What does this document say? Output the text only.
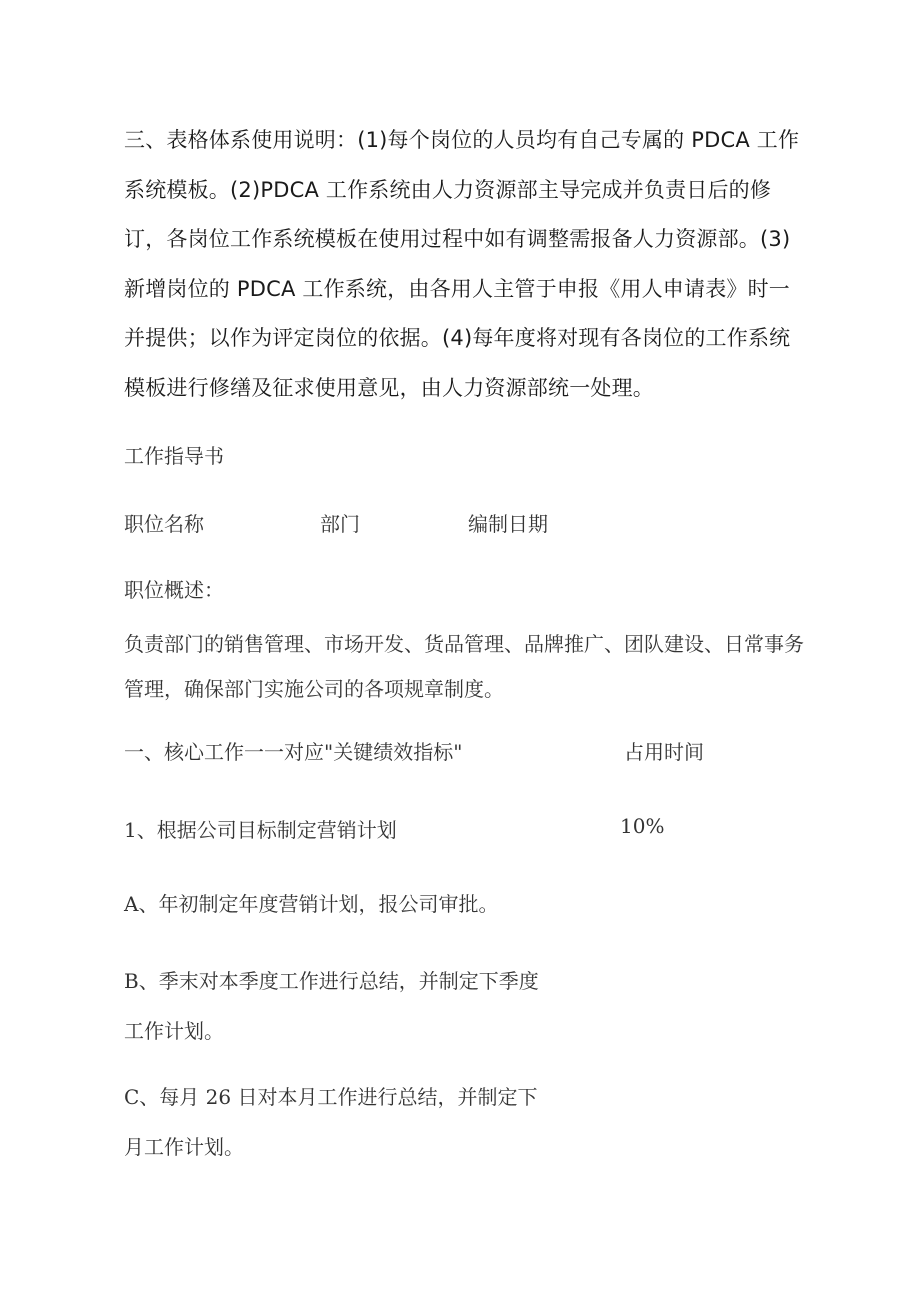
三、表格体系使用说明：(1)每个岗位的人员均有自己专属的 PDCA 工作系统模板。(2)PDCA 工作系统由人力资源部主导完成并负责日后的修订，各岗位工作系统模板在使用过程中如有调整需报备人力资源部。(3)新增岗位的 PDCA 工作系统，由各用人主管于申报《用人申请表》时一并提供；以作为评定岗位的依据。(4)每年度将对现有各岗位的工作系统模板进行修缮及征求使用意见，由人力资源部统一处理。
工作指导书
职位名称	部门	编制日期
职位概述：
负责部门的销售管理、市场开发、货品管理、品牌推广、团队建设、日常事务管理，确保部门实施公司的各项规章制度。
一、核心工作一一对应"关键绩效指标"	占用时间
1、根据公司目标制定营销计划	10%
A、年初制定年度营销计划，报公司审批。
B、季末对本季度工作进行总结，并制定下季度工作计划。
C、每月 26 日对本月工作进行总结，并制定下月工作计划。
